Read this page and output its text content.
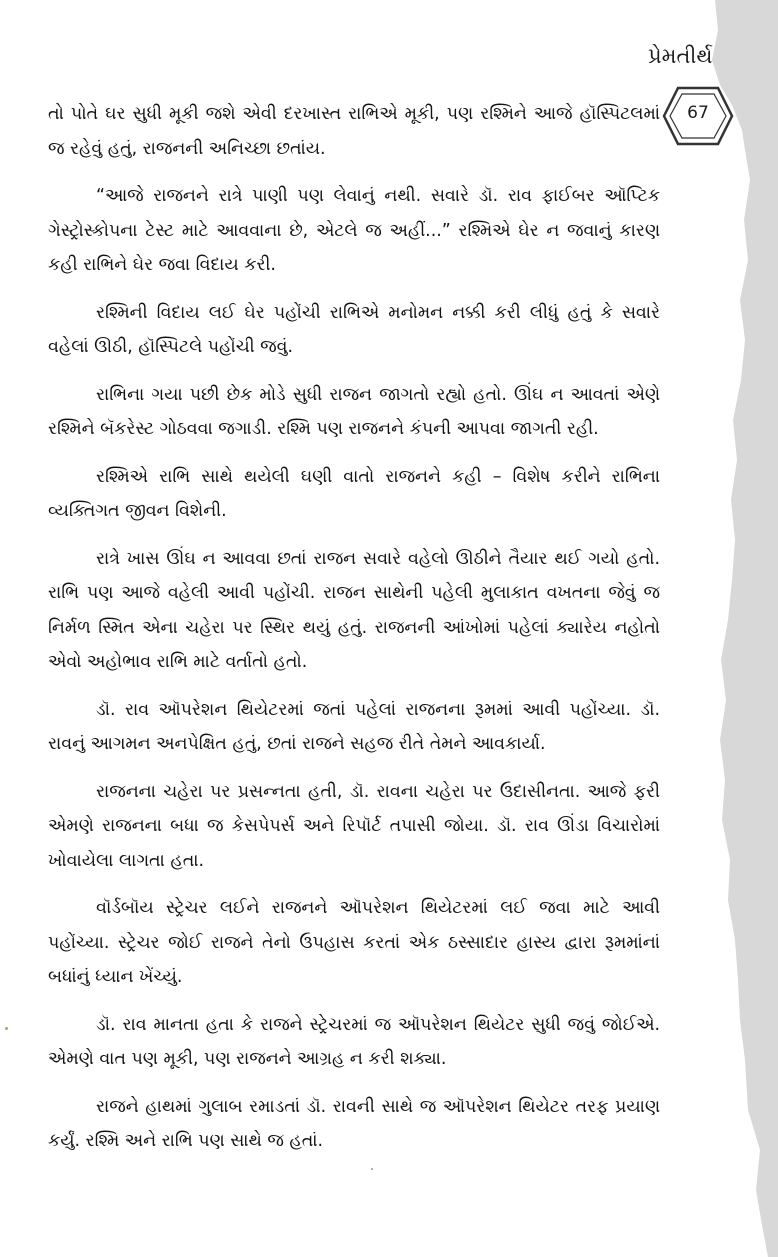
પ્રેમતીર્થ
67

તો પોતે ઘર સુધી મૂકી જશે એવી દરખાસ્ત રાભિએ મૂકી, પણ રશ્મિને આજે હૉસ્પિટલમાં જ રહેવું હતું, રાજનની અનિચ્છા છતાંય.

“આજે રાજનને રાત્રે પાણી પણ લેવાનું નથી. સવારે ડૉ. રાવ ફાઈબર ઑપ્ટિક ગેસ્ટ્રોસ્કોપના ટેસ્ટ માટે આવવાના છે, એટલે જ અહીં...” રશ્મિએ ઘેર ન જવાનું કારણ કહી રાભિને ઘેર જવા વિદાય કરી.

રશ્મિની વિદાય લઈ ઘેર પહોંચી રાભિએ મનોમન નક્કી કરી લીધું હતું કે સવારે વહેલાં ઊઠી, હૉસ્પિટલે પહોંચી જવું.

રાભિના ગયા પછી છેક મોડે સુધી રાજન જાગતો રહ્યો હતો. ઊંઘ ન આવતાં એણે રશ્મિને બૅકરેસ્ટ ગોઠવવા જગાડી. રશ્મિ પણ રાજનને કંપની આપવા જાગતી રહી.

રશ્મિએ રાભિ સાથે થયેલી ઘણી વાતો રાજનને કહી – વિશેષ કરીને રાભિના વ્યક્તિગત જીવન વિશેની.

રાત્રે ખાસ ઊંઘ ન આવવા છતાં રાજન સવારે વહેલો ઊઠીને તૈયાર થઈ ગયો હતો. રાભિ પણ આજે વહેલી આવી પહોંચી. રાજન સાથેની પહેલી મુલાકાત વખતના જેવું જ નિર્મળ સ્મિત એના ચહેરા પર સ્થિર થયું હતું. રાજનની આંખોમાં પહેલાં ક્યારેય નહોતો એવો અહોભાવ રાભિ માટે વર્તાતો હતો.

ડૉ. રાવ ઑપરેશન થિયેટરમાં જતાં પહેલાં રાજનના રૂમમાં આવી પહોંચ્યા. ડૉ. રાવનું આગમન અનપેક્ષિત હતું, છતાં રાજને સહજ રીતે તેમને આવકાર્યા.

રાજનના ચહેરા પર પ્રસન્નતા હતી, ડૉ. રાવના ચહેરા પર ઉદાસીનતા. આજે ફરી એમણે રાજનના બધા જ કેસપેપર્સ અને રિપૉર્ટ તપાસી જોયા. ડૉ. રાવ ઊંડા વિચારોમાં ખોવાયેલા લાગતા હતા.

વૉર્ડબૉય સ્ટ્રેચર લઈને રાજનને ઑપરેશન થિયેટરમાં લઈ જવા માટે આવી પહોંચ્યા. સ્ટ્રેચર જોઈ રાજને તેનો ઉપહાસ કરતાં એક ઠસ્સાદાર હાસ્ય દ્વારા રૂમમાંનાં બધાંનું ધ્યાન ખેંચ્યું.

ડૉ. રાવ માનતા હતા કે રાજને સ્ટ્રેચરમાં જ ઑપરેશન થિયેટર સુધી જવું જોઈએ. એમણે વાત પણ મૂકી, પણ રાજનને આગ્રહ ન કરી શક્યા.

રાજને હાથમાં ગુલાબ રમાડતાં ડૉ. રાવની સાથે જ ઑપરેશન થિયેટર તરફ પ્રયાણ કર્યું. રશ્મિ અને રાભિ પણ સાથે જ હતાં.
